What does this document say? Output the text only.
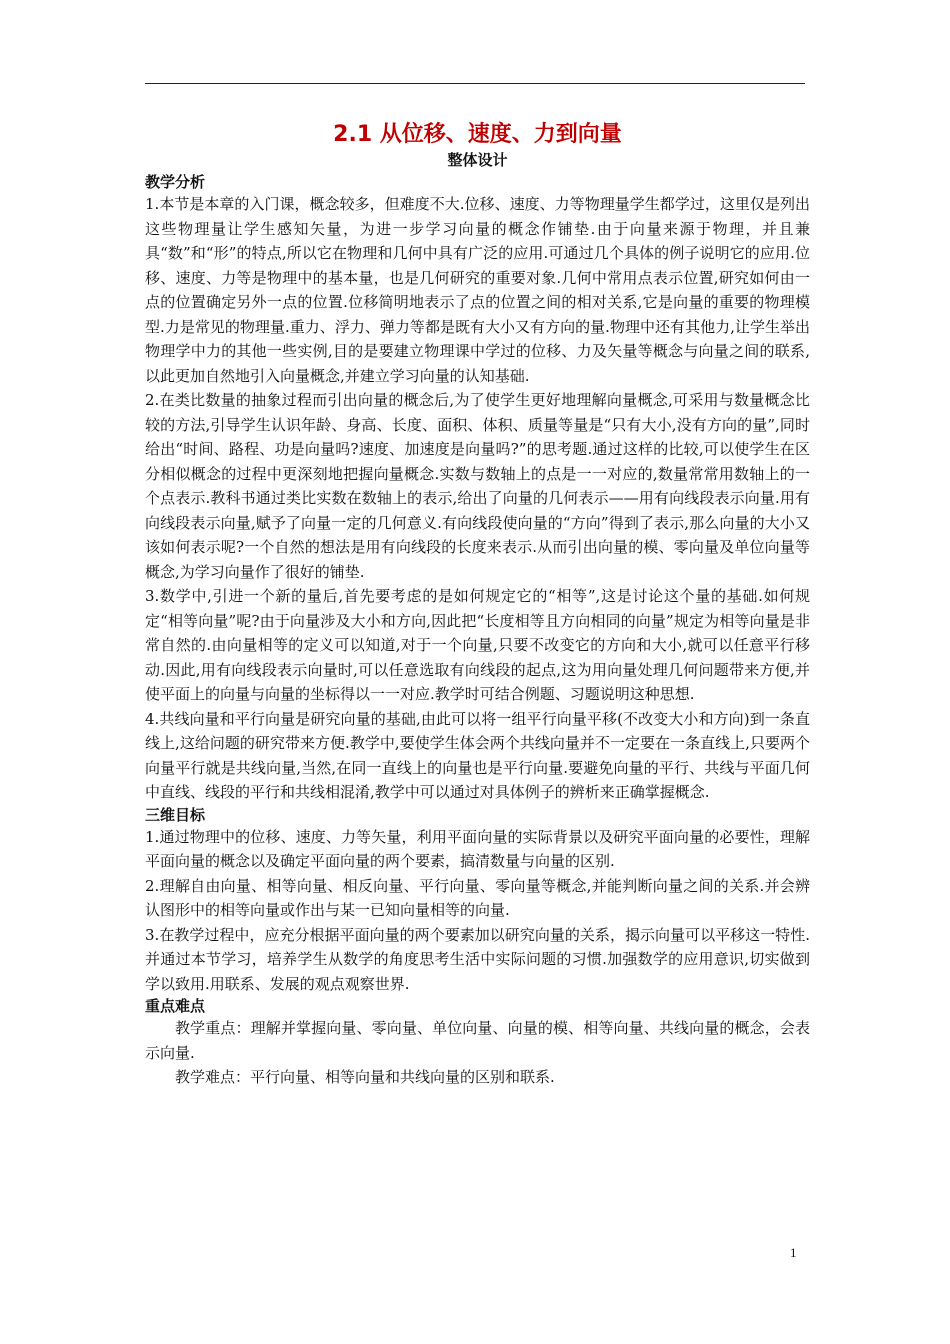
2.1 从位移、速度、力到向量
整体设计
教学分析

1.本节是本章的入门课，概念较多，但难度不大.位移、速度、力等物理量学生都学过，这里仅是列出这些物理量让学生感知矢量，为进一步学习向量的概念作铺垫.由于向量来源于物理，并且兼具“数”和“形”的特点,所以它在物理和几何中具有广泛的应用.可通过几个具体的例子说明它的应用.位移、速度、力等是物理中的基本量，也是几何研究的重要对象.几何中常用点表示位置,研究如何由一点的位置确定另外一点的位置.位移简明地表示了点的位置之间的相对关系,它是向量的重要的物理模型.力是常见的物理量.重力、浮力、弹力等都是既有大小又有方向的量.物理中还有其他力,让学生举出物理学中力的其他一些实例,目的是要建立物理课中学过的位移、力及矢量等概念与向量之间的联系,以此更加自然地引入向量概念,并建立学习向量的认知基础.

2.在类比数量的抽象过程而引出向量的概念后,为了使学生更好地理解向量概念,可采用与数量概念比较的方法,引导学生认识年龄、身高、长度、面积、体积、质量等量是“只有大小,没有方向的量”,同时给出“时间、路程、功是向量吗?速度、加速度是向量吗?”的思考题.通过这样的比较,可以使学生在区分相似概念的过程中更深刻地把握向量概念.实数与数轴上的点是一一对应的,数量常常用数轴上的一个点表示.教科书通过类比实数在数轴上的表示,给出了向量的几何表示——用有向线段表示向量.用有向线段表示向量,赋予了向量一定的几何意义.有向线段使向量的“方向”得到了表示,那么向量的大小又该如何表示呢?一个自然的想法是用有向线段的长度来表示.从而引出向量的模、零向量及单位向量等概念,为学习向量作了很好的铺垫.

3.数学中,引进一个新的量后,首先要考虑的是如何规定它的“相等”,这是讨论这个量的基础.如何规定“相等向量”呢?由于向量涉及大小和方向,因此把“长度相等且方向相同的向量”规定为相等向量是非常自然的.由向量相等的定义可以知道,对于一个向量,只要不改变它的方向和大小,就可以任意平行移动.因此,用有向线段表示向量时,可以任意选取有向线段的起点,这为用向量处理几何问题带来方便,并使平面上的向量与向量的坐标得以一一对应.教学时可结合例题、习题说明这种思想.

4.共线向量和平行向量是研究向量的基础,由此可以将一组平行向量平移(不改变大小和方向)到一条直线上,这给问题的研究带来方便.教学中,要使学生体会两个共线向量并不一定要在一条直线上,只要两个向量平行就是共线向量,当然,在同一直线上的向量也是平行向量.要避免向量的平行、共线与平面几何中直线、线段的平行和共线相混淆,教学中可以通过对具体例子的辨析来正确掌握概念.

三维目标

1.通过物理中的位移、速度、力等矢量，利用平面向量的实际背景以及研究平面向量的必要性，理解平面向量的概念以及确定平面向量的两个要素，搞清数量与向量的区别.

2.理解自由向量、相等向量、相反向量、平行向量、零向量等概念,并能判断向量之间的关系.并会辨认图形中的相等向量或作出与某一已知向量相等的向量.

3.在教学过程中，应充分根据平面向量的两个要素加以研究向量的关系，揭示向量可以平移这一特性.并通过本节学习，培养学生从数学的角度思考生活中实际问题的习惯.加强数学的应用意识,切实做到学以致用.用联系、发展的观点观察世界.

重点难点

教学重点：理解并掌握向量、零向量、单位向量、向量的模、相等向量、共线向量的概念，会表示向量.

教学难点：平行向量、相等向量和共线向量的区别和联系.

1
